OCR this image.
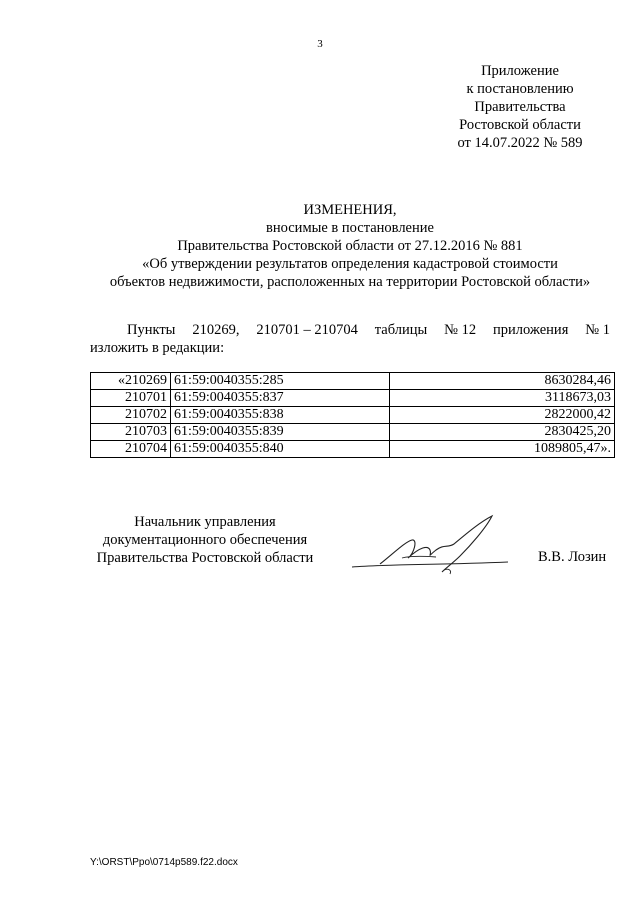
3
Приложение
к постановлению
Правительства
Ростовской области
от 14.07.2022 № 589
ИЗМЕНЕНИЯ,
вносимые в постановление
Правительства Ростовской области от 27.12.2016 № 881
«Об утверждении результатов определения кадастровой стоимости
объектов недвижимости, расположенных на территории Ростовской области»
Пункты 210269, 210701 – 210704 таблицы № 12 приложения № 1
изложить в редакции:
«210269	61:59:0040355:285	8630284,46
210701	61:59:0040355:837	3118673,03
210702	61:59:0040355:838	2822000,42
210703	61:59:0040355:839	2830425,20
210704	61:59:0040355:840	1089805,47».
Начальник управления
документационного обеспечения
Правительства Ростовской области	В.В. Лозин
Y:\ORST\Ppo\0714p589.f22.docx
